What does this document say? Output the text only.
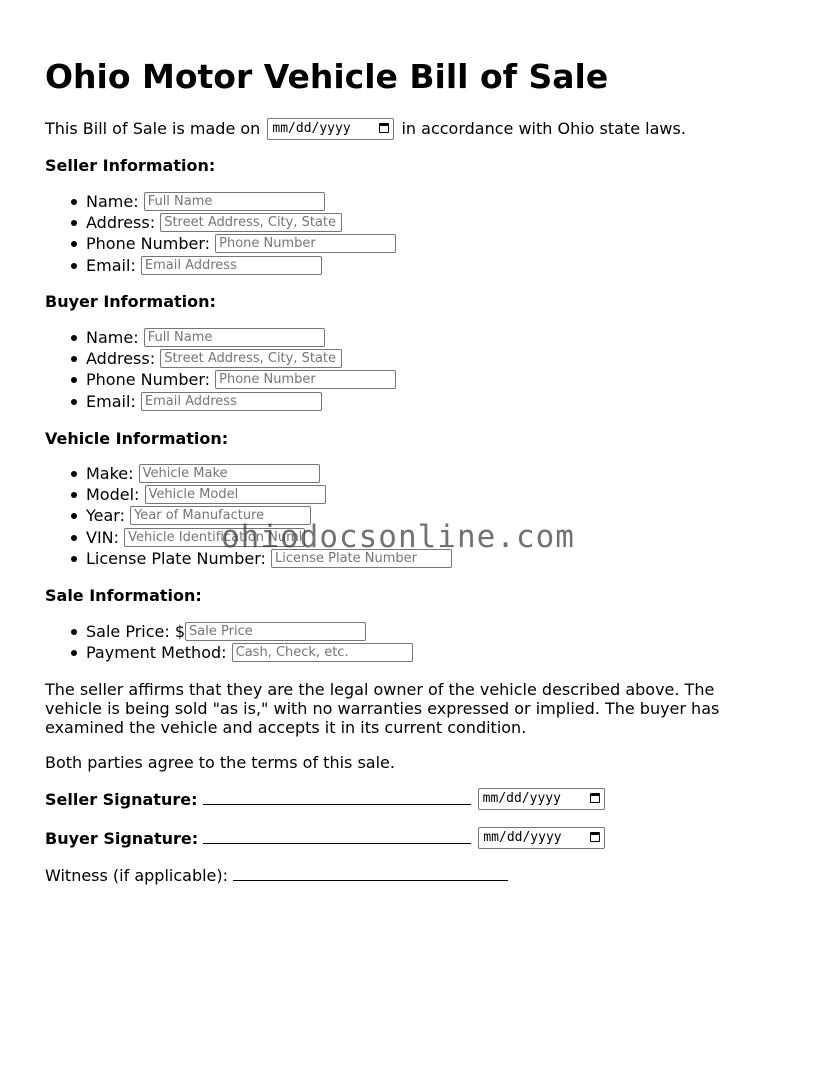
Ohio Motor Vehicle Bill of Sale
This Bill of Sale is made on mm/dd/yyyy	in accordance with Ohio state laws.
Seller Information:
Name: Full Name
Address: Street Address, City, State
Phone Number: Phone Number
Email: Email Address
Buyer Information:
Name: Full Name
Address: Street Address, City, State
Phone Number: Phone Number
Email: Email Address
Vehicle Information:
Make: Vehicle Make
Model: Vehicle Model
Year: Year of Manufacture
VIN: Vehicle Identification Number
License Plate Number: License Plate Number
Sale Information:
Sale Price: $Sale Price
Payment Method: Cash, Check, etc.
The seller affirms that they are the legal owner of the vehicle described above. The vehicle is being sold "as is," with no warranties expressed or implied. The buyer has examined the vehicle and accepts it in its current condition.
Both parties agree to the terms of this sale.
Seller Signature:	mm/dd/yyyy
Buyer Signature:	mm/dd/yyyy
Witness (if applicable):
ohiodocsonline.com
